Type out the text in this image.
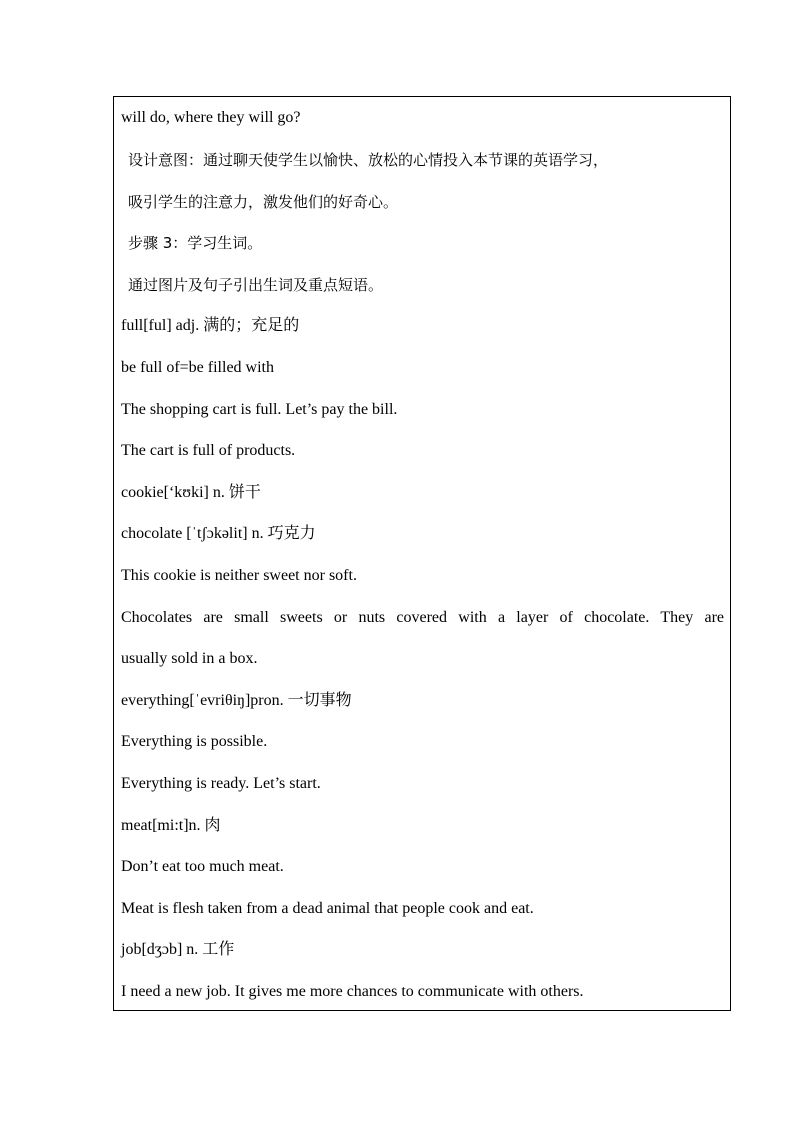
will do, where they will go?
设计意图：通过聊天使学生以愉快、放松的心情投入本节课的英语学习，
吸引学生的注意力，激发他们的好奇心。
步骤 3：学习生词。
通过图片及句子引出生词及重点短语。
full[ful] adj. 满的；充足的
be full of=be filled with
The shopping cart is full. Let’s pay the bill.
The cart is full of products.
cookie[‘kʊki] n. 饼干
chocolate [ˈtʃɔkəlit] n. 巧克力
This cookie is neither sweet nor soft.
Chocolates are small sweets or nuts covered with a layer of chocolate. They are
usually sold in a box.
everything[ˈevriθiŋ]pron. 一切事物
Everything is possible.
Everything is ready. Let’s start.
meat[mi:t]n. 肉
Don’t eat too much meat.
Meat is flesh taken from a dead animal that people cook and eat.
job[dʒɔb] n. 工作
I need a new job. It gives me more chances to communicate with others.
